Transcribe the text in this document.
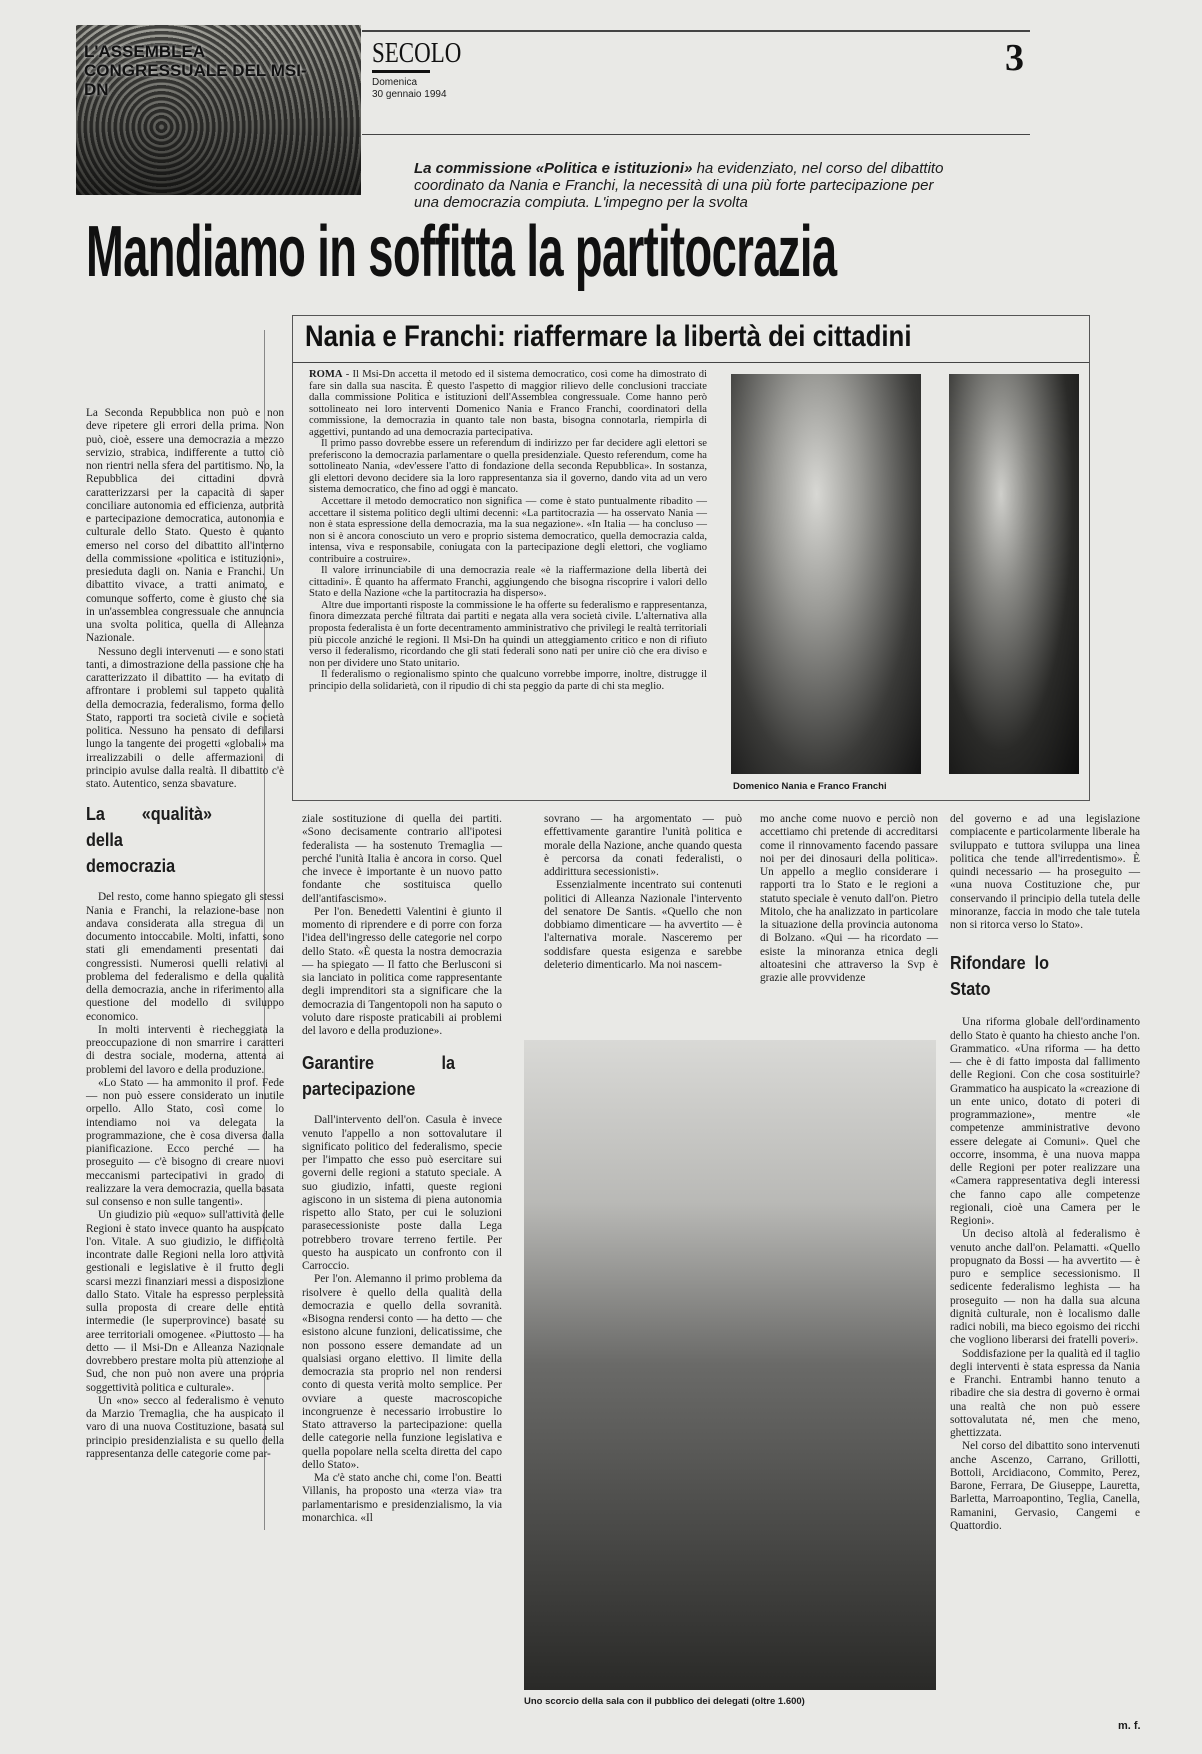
L'ASSEMBLEA CONGRESSUALE DEL MSI-DN
SECOLO
Domenica
30 gennaio 1994
3
La commissione «Politica e istituzioni» ha evidenziato, nel corso del dibattito coordinato da Nania e Franchi, la necessità di una più forte partecipazione per una democrazia compiuta. L'impegno per la svolta
Mandiamo in soffitta la partitocrazia

La Seconda Repubblica non può e non deve ripetere gli errori della prima. Non può, cioè, essere una democrazia a mezzo servizio, strabica, indifferente a tutto ciò non rientri nella sfera del partitismo. No, la Repubblica dei cittadini dovrà caratterizzarsi per la capacità di saper conciliare autonomia ed efficienza, autorità e partecipazione democratica, autonomia e culturale dello Stato. Questo è quanto emerso nel corso del dibattito all'interno della commissione «politica e istituzioni», presieduta dagli on. Nania e Franchi. Un dibattito vivace, a tratti animato, e comunque sofferto, come è giusto che sia in un'assemblea congressuale che annuncia una svolta politica, quella di Alleanza Nazionale.

Nessuno degli intervenuti — e sono stati tanti, a dimostrazione della passione che ha caratterizzato il dibattito — ha evitato di affrontare i problemi sul tappeto qualità della democrazia, federalismo, forma dello Stato, rapporti tra società civile e società politica. Nessuno ha pensato di defilarsi lungo la tangente dei progetti «globali» ma irrealizzabili o delle affermazioni di principio avulse dalla realtà. Il dibattito c'è stato. Autentico, senza sbavature.

La «qualità» della democrazia

Del resto, come hanno spiegato gli stessi Nania e Franchi, la relazione-base non andava considerata alla stregua di un documento intoccabile. Molti, infatti, sono stati gli emendamenti presentati dai congressisti. Numerosi quelli relativi al problema del federalismo e della qualità della democrazia, anche in riferimento alla questione del modello di sviluppo economico.

In molti interventi è riecheggiata la preoccupazione di non smarrire i caratteri di destra sociale, moderna, attenta ai problemi del lavoro e della produzione.

«Lo Stato — ha ammonito il prof. Fede — non può essere considerato un inutile orpello. Allo Stato, così come lo intendiamo noi va delegata la programmazione, che è cosa diversa dalla pianificazione. Ecco perché — ha proseguito — c'è bisogno di creare nuovi meccanismi partecipativi in grado di realizzare la vera democrazia, quella basata sul consenso e non sulle tangenti».

Un giudizio più «equo» sull'attività delle Regioni è stato invece quanto ha auspicato l'on. Vitale. A suo giudizio, le difficoltà incontrate dalle Regioni nella loro attività gestionali e legislative è il frutto degli scarsi mezzi finanziari messi a disposizione dallo Stato. Vitale ha espresso perplessità sulla proposta di creare delle entità intermedie (le superprovince) basate su aree territoriali omogenee. «Piuttosto — ha detto — il Msi-Dn e Alleanza Nazionale dovrebbero prestare molta più attenzione al Sud, che non può non avere una propria soggettività politica e culturale».

Un «no» secco al federalismo è venuto da Marzio Tremaglia, che ha auspicato il varo di una nuova Costituzione, basata sul principio presidenzialista e su quello della rappresentanza delle categorie come par-

Nania e Franchi: riaffermare la libertà dei cittadini

ROMA - Il Msi-Dn accetta il metodo ed il sistema democratico, così come ha dimostrato di fare sin dalla sua nascita. È questo l'aspetto di maggior rilievo delle conclusioni tracciate dalla commissione Politica e istituzioni dell'Assemblea congressuale. Come hanno però sottolineato nei loro interventi Domenico Nania e Franco Franchi, coordinatori della commissione, la democrazia in quanto tale non basta, bisogna connotarla, riempirla di aggettivi, puntando ad una democrazia partecipativa.

Il primo passo dovrebbe essere un referendum di indirizzo per far decidere agli elettori se preferiscono la democrazia parlamentare o quella presidenziale. Questo referendum, come ha sottolineato Nania, «dev'essere l'atto di fondazione della seconda Repubblica». In sostanza, gli elettori devono decidere sia la loro rappresentanza sia il governo, dando vita ad un vero sistema democratico, che fino ad oggi è mancato.

Accettare il metodo democratico non significa — come è stato puntualmente ribadito — accettare il sistema politico degli ultimi decenni: «La partitocrazia — ha osservato Nania — non è stata espressione della democrazia, ma la sua negazione». «In Italia — ha concluso — non si è ancora conosciuto un vero e proprio sistema democratico, quella democrazia calda, intensa, viva e responsabile, coniugata con la partecipazione degli elettori, che vogliamo contribuire a costruire».

Il valore irrinunciabile di una democrazia reale «è la riaffermazione della libertà dei cittadini». È quanto ha affermato Franchi, aggiungendo che bisogna riscoprire i valori dello Stato e della Nazione «che la partitocrazia ha disperso».

Altre due importanti risposte la commissione le ha offerte su federalismo e rappresentanza, finora dimezzata perché filtrata dai partiti e negata alla vera società civile. L'alternativa alla proposta federalista è un forte decentramento amministrativo che privilegi le realtà territoriali più piccole anziché le regioni. Il Msi-Dn ha quindi un atteggiamento critico e non di rifiuto verso il federalismo, ricordando che gli stati federali sono nati per unire ciò che era diviso e non per dividere uno Stato unitario.

Il federalismo o regionalismo spinto che qualcuno vorrebbe imporre, inoltre, distrugge il principio della solidarietà, con il ripudio di chi sta peggio da parte di chi sta meglio.

Domenico Nania e Franco Franchi

ziale sostituzione di quella dei partiti. «Sono decisamente contrario all'ipotesi federalista — ha sostenuto Tremaglia — perché l'unità Italia è ancora in corso. Quel che invece è importante è un nuovo patto fondante che sostituisca quello dell'antifascismo».

Per l'on. Benedetti Valentini è giunto il momento di riprendere e di porre con forza l'idea dell'ingresso delle categorie nel corpo dello Stato. «È questa la nostra democrazia — ha spiegato — Il fatto che Berlusconi si sia lanciato in politica come rappresentante degli imprenditori sta a significare che la democrazia di Tangentopoli non ha saputo o voluto dare risposte praticabili ai problemi del lavoro e della produzione».

Garantire la partecipazione

Dall'intervento dell'on. Casula è invece venuto l'appello a non sottovalutare il significato politico del federalismo, specie per l'impatto che esso può esercitare sui governi delle regioni a statuto speciale. A suo giudizio, infatti, queste regioni agiscono in un sistema di piena autonomia rispetto allo Stato, per cui le soluzioni parasecessioniste poste dalla Lega potrebbero trovare terreno fertile. Per questo ha auspicato un confronto con il Carroccio.

Per l'on. Alemanno il primo problema da risolvere è quello della qualità della democrazia e quello della sovranità. «Bisogna rendersi conto — ha detto — che esistono alcune funzioni, delicatissime, che non possono essere demandate ad un qualsiasi organo elettivo. Il limite della democrazia sta proprio nel non rendersi conto di questa verità molto semplice. Per ovviare a queste macroscopiche incongruenze è necessario irrobustire lo Stato attraverso la partecipazione: quella delle categorie nella funzione legislativa e quella popolare nella scelta diretta del capo dello Stato».

Ma c'è stato anche chi, come l'on. Beatti Villanis, ha proposto una «terza via» tra parlamentarismo e presidenzialismo, la via monarchica. «Il

sovrano — ha argomentato — può effettivamente garantire l'unità politica e morale della Nazione, anche quando questa è percorsa da conati federalisti, o addirittura secessionisti».

Essenzialmente incentrato sui contenuti politici di Alleanza Nazionale l'intervento del senatore De Santis. «Quello che non dobbiamo dimenticare — ha avvertito — è l'alternativa morale. Nasceremo per soddisfare questa esigenza e sarebbe deleterio dimenticarlo. Ma noi nascem-

mo anche come nuovo e perciò non accettiamo chi pretende di accreditarsi come il rinnovamento facendo passare noi per dei dinosauri della politica». Un appello a meglio considerare i rapporti tra lo Stato e le regioni a statuto speciale è venuto dall'on. Pietro Mitolo, che ha analizzato in particolare la situazione della provincia autonoma di Bolzano. «Qui — ha ricordato — esiste la minoranza etnica degli altoatesini che attraverso la Svp è grazie alle provvidenze

Uno scorcio della sala con il pubblico dei delegati (oltre 1.600)

del governo e ad una legislazione compiacente e particolarmente liberale ha sviluppato e tuttora sviluppa una linea politica che tende all'irredentismo». È quindi necessario — ha proseguito — «una nuova Costituzione che, pur conservando il principio della tutela delle minoranze, faccia in modo che tale tutela non si ritorca verso lo Stato».

Rifondare lo Stato

Una riforma globale dell'ordinamento dello Stato è quanto ha chiesto anche l'on. Grammatico. «Una riforma — ha detto — che è di fatto imposta dal fallimento delle Regioni. Con che cosa sostituirle? Grammatico ha auspicato la «creazione di un ente unico, dotato di poteri di programmazione», mentre «le competenze amministrative devono essere delegate ai Comuni». Quel che occorre, insomma, è una nuova mappa delle Regioni per poter realizzare una «Camera rappresentativa degli interessi che fanno capo alle competenze regionali, cioè una Camera per le Regioni».

Un deciso altolà al federalismo è venuto anche dall'on. Pelamatti. «Quello propugnato da Bossi — ha avvertito — è puro e semplice secessionismo. Il sedicente federalismo leghista — ha proseguito — non ha dalla sua alcuna dignità culturale, non è localismo dalle radici nobili, ma bieco egoismo dei ricchi che vogliono liberarsi dei fratelli poveri».

Soddisfazione per la qualità ed il taglio degli interventi è stata espressa da Nania e Franchi. Entrambi hanno tenuto a ribadire che sia destra di governo è ormai una realtà che non può essere sottovalutata né, men che meno, ghettizzata.

Nel corso del dibattito sono intervenuti anche Ascenzo, Carrano, Grillotti, Bottoli, Arcidiacono, Commito, Perez, Barone, Ferrara, De Giuseppe, Lauretta, Barletta, Marroapontino, Teglia, Canella, Ramanini, Gervasio, Cangemi e Quattordio.

m. f.
